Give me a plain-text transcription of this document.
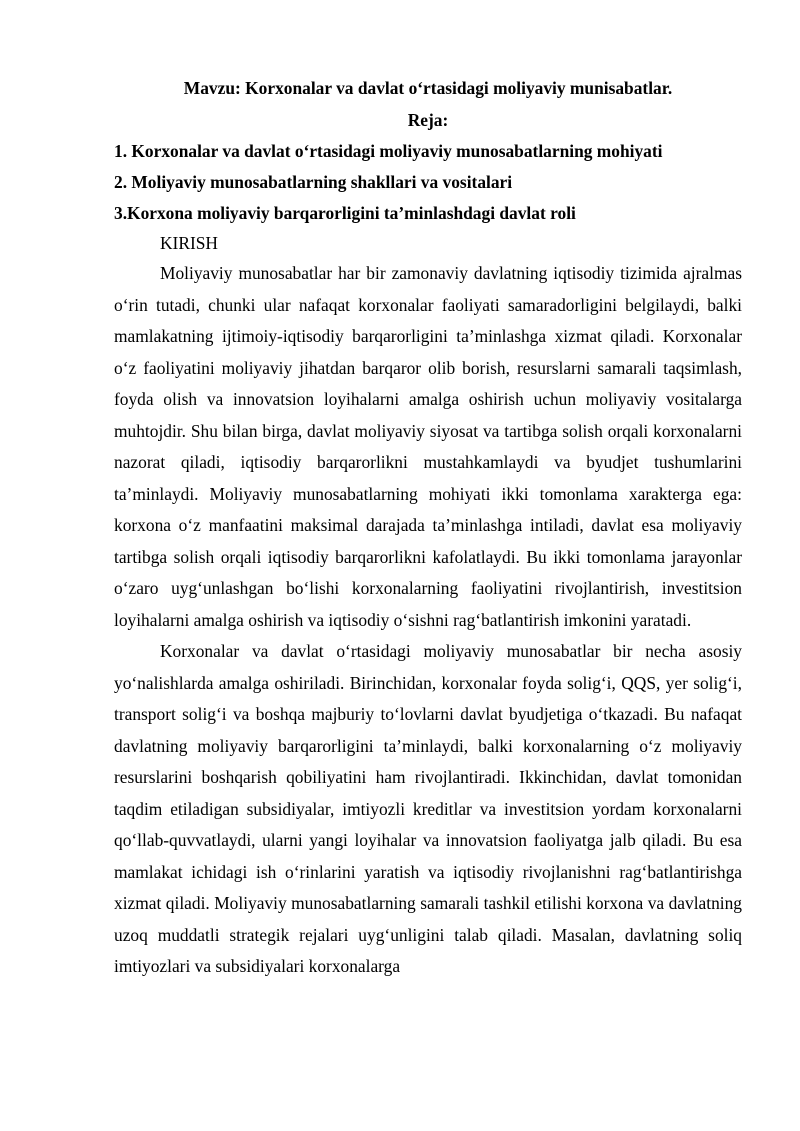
Mavzu: Korxonalar va davlat o‘rtasidagi moliyaviy munisabatlar.

Reja:

1. Korxonalar va davlat o‘rtasidagi moliyaviy munosabatlarning mohiyati

2. Moliyaviy munosabatlarning shakllari va vositalari

3.Korxona moliyaviy barqarorligini ta’minlashdagi davlat roli

KIRISH

Moliyaviy munosabatlar har bir zamonaviy davlatning iqtisodiy tizimida ajralmas o‘rin tutadi, chunki ular nafaqat korxonalar faoliyati samaradorligini belgilaydi, balki mamlakatning ijtimoiy-iqtisodiy barqarorligini ta’minlashga xizmat qiladi. Korxonalar o‘z faoliyatini moliyaviy jihatdan barqaror olib borish, resurslarni samarali taqsimlash, foyda olish va innovatsion loyihalarni amalga oshirish uchun moliyaviy vositalarga muhtojdir. Shu bilan birga, davlat moliyaviy siyosat va tartibga solish orqali korxonalarni nazorat qiladi, iqtisodiy barqarorlikni mustahkamlaydi va byudjet tushumlarini ta’minlaydi. Moliyaviy munosabatlarning mohiyati ikki tomonlama xarakterga ega: korxona o‘z manfaatini maksimal darajada ta’minlashga intiladi, davlat esa moliyaviy tartibga solish orqali iqtisodiy barqarorlikni kafolatlaydi. Bu ikki tomonlama jarayonlar o‘zaro uyg‘unlashgan bo‘lishi korxonalarning faoliyatini rivojlantirish, investitsion loyihalarni amalga oshirish va iqtisodiy o‘sishni rag‘batlantirish imkonini yaratadi.

Korxonalar va davlat o‘rtasidagi moliyaviy munosabatlar bir necha asosiy yo‘nalishlarda amalga oshiriladi. Birinchidan, korxonalar foyda solig‘i, QQS, yer solig‘i, transport solig‘i va boshqa majburiy to‘lovlarni davlat byudjetiga o‘tkazadi. Bu nafaqat davlatning moliyaviy barqarorligini ta’minlaydi, balki korxonalarning o‘z moliyaviy resurslarini boshqarish qobiliyatini ham rivojlantiradi. Ikkinchidan, davlat tomonidan taqdim etiladigan subsidiyalar, imtiyozli kreditlar va investitsion yordam korxonalarni qo‘llab-quvvatlaydi, ularni yangi loyihalar va innovatsion faoliyatga jalb qiladi. Bu esa mamlakat ichidagi ish o‘rinlarini yaratish va iqtisodiy rivojlanishni rag‘batlantirishga xizmat qiladi. Moliyaviy munosabatlarning samarali tashkil etilishi korxona va davlatning uzoq muddatli strategik rejalari uyg‘unligini talab qiladi. Masalan, davlatning soliq imtiyozlari va subsidiyalari korxonalarga
